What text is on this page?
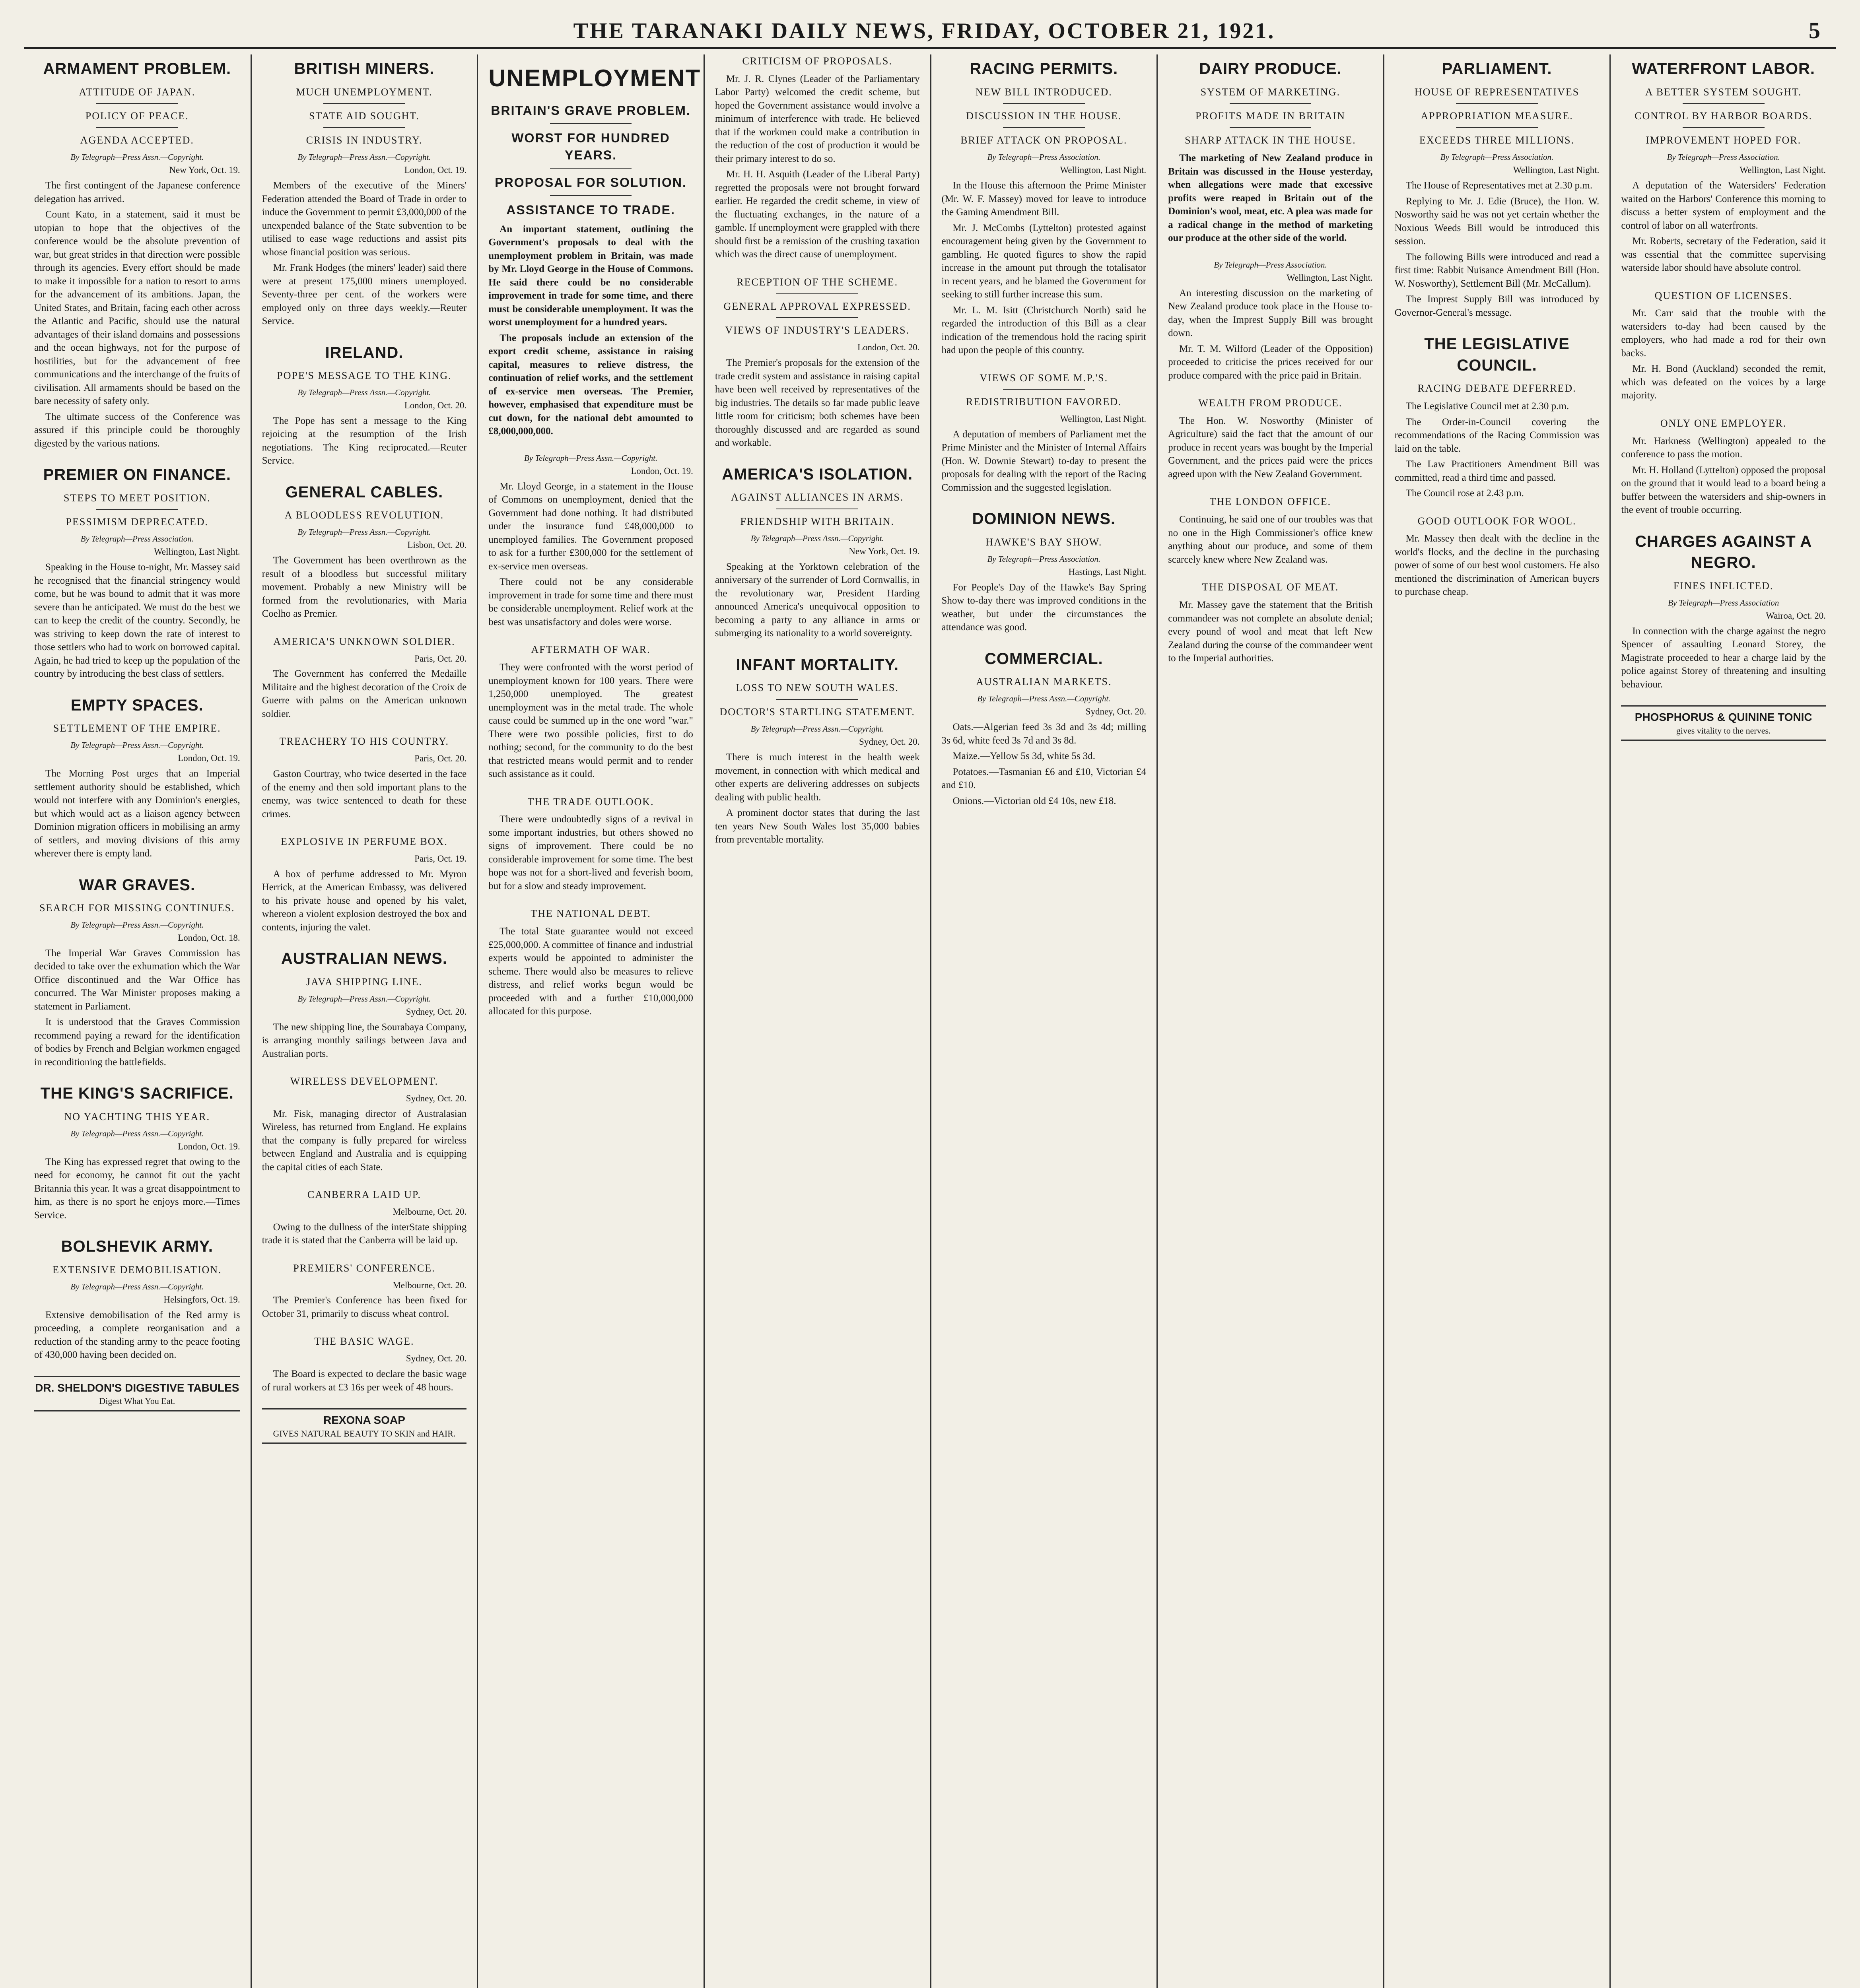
THE TARANAKI DAILY NEWS, FRIDAY, OCTOBER 21, 1921.	5
ARMAMENT PROBLEM.
ATTITUDE OF JAPAN.
POLICY OF PEACE.
AGENDA ACCEPTED.
By Telegraph—Press Assn.—Copyright.
New York, Oct. 19.

The first contingent of the Japanese conference delegation has arrived.

Count Kato, in a statement, said it must be utopian to hope that the objectives of the conference would be the absolute prevention of war, but great strides in that direction were possible through its agencies. Every effort should be made to make it impossible for a nation to resort to arms for the advancement of its ambitions. Japan, the United States, and Britain, facing each other across the Atlantic and Pacific, should use the natural advantages of their island domains and possessions and the ocean highways, not for the purpose of hostilities, but for the advancement of free communications and the interchange of the fruits of civilisation. All armaments should be based on the bare necessity of safety only.

The ultimate success of the Conference was assured if this principle could be thoroughly digested by the various nations.

PREMIER ON FINANCE.
STEPS TO MEET POSITION.
PESSIMISM DEPRECATED.
By Telegraph—Press Association.
Wellington, Last Night.

Speaking in the House to-night, Mr. Massey said he recognised that the financial stringency would come, but he was bound to admit that it was more severe than he anticipated. We must do the best we can to keep the credit of the country. Secondly, he was striving to keep down the rate of interest to those settlers who had to work on borrowed capital. Again, he had tried to keep up the population of the country by introducing the best class of settlers.

EMPTY SPACES.
SETTLEMENT OF THE EMPIRE.
By Telegraph—Press Assn.—Copyright.
London, Oct. 19.

The Morning Post urges that an Imperial settlement authority should be established, which would not interfere with any Dominion's energies, but which would act as a liaison agency between Dominion migration officers in mobilising an army of settlers, and moving divisions of this army wherever there is empty land.

WAR GRAVES.
SEARCH FOR MISSING CONTINUES.
By Telegraph—Press Assn.—Copyright.
London, Oct. 18.

The Imperial War Graves Commission has decided to take over the exhumation which the War Office discontinued and the War Office has concurred. The War Minister proposes making a statement in Parliament.

It is understood that the Graves Commission recommend paying a reward for the identification of bodies by French and Belgian workmen engaged in reconditioning the battlefields.

THE KING'S SACRIFICE.
NO YACHTING THIS YEAR.
By Telegraph—Press Assn.—Copyright.
London, Oct. 19.

The King has expressed regret that owing to the need for economy, he cannot fit out the yacht Britannia this year. It was a great disappointment to him, as there is no sport he enjoys more.—Times Service.

BOLSHEVIK ARMY.
EXTENSIVE DEMOBILISATION.
By Telegraph—Press Assn.—Copyright.
Helsingfors, Oct. 19.

Extensive demobilisation of the Red army is proceeding, a complete reorganisation and a reduction of the standing army to the peace footing of 430,000 having been decided on.

DR. SHELDON'S DIGESTIVE TABULES
Digest What You Eat.
BRITISH MINERS.
MUCH UNEMPLOYMENT.
STATE AID SOUGHT.
CRISIS IN INDUSTRY.
By Telegraph—Press Assn.—Copyright.
London, Oct. 19.

Members of the executive of the Miners' Federation attended the Board of Trade in order to induce the Government to permit £3,000,000 of the unexpended balance of the State subvention to be utilised to ease wage reductions and assist pits whose financial position was serious.

Mr. Frank Hodges (the miners' leader) said there were at present 175,000 miners unemployed. Seventy-three per cent. of the workers were employed only on three days weekly.—Reuter Service.

IRELAND.
POPE'S MESSAGE TO THE KING.
By Telegraph—Press Assn.—Copyright.
London, Oct. 20.

The Pope has sent a message to the King rejoicing at the resumption of the Irish negotiations. The King reciprocated.—Reuter Service.

GENERAL CABLES.
A BLOODLESS REVOLUTION.
By Telegraph—Press Assn.—Copyright.
Lisbon, Oct. 20.

The Government has been overthrown as the result of a bloodless but successful military movement. Probably a new Ministry will be formed from the revolutionaries, with Maria Coelho as Premier.

AMERICA'S UNKNOWN SOLDIER.
Paris, Oct. 20.

The Government has conferred the Medaille Militaire and the highest decoration of the Croix de Guerre with palms on the American unknown soldier.

TREACHERY TO HIS COUNTRY.
Paris, Oct. 20.

Gaston Courtray, who twice deserted in the face of the enemy and then sold important plans to the enemy, was twice sentenced to death for these crimes.

EXPLOSIVE IN PERFUME BOX.
Paris, Oct. 19.

A box of perfume addressed to Mr. Myron Herrick, at the American Embassy, was delivered to his private house and opened by his valet, whereon a violent explosion destroyed the box and contents, injuring the valet.

AUSTRALIAN NEWS.
JAVA SHIPPING LINE.
By Telegraph—Press Assn.—Copyright.
Sydney, Oct. 20.

The new shipping line, the Sourabaya Company, is arranging monthly sailings between Java and Australian ports.

WIRELESS DEVELOPMENT.
Sydney, Oct. 20.

Mr. Fisk, managing director of Australasian Wireless, has returned from England. He explains that the company is fully prepared for wireless between England and Australia and is equipping the capital cities of each State.

CANBERRA LAID UP.
Melbourne, Oct. 20.

Owing to the dullness of the interState shipping trade it is stated that the Canberra will be laid up.

PREMIERS' CONFERENCE.
Melbourne, Oct. 20.

The Premier's Conference has been fixed for October 31, primarily to discuss wheat control.

THE BASIC WAGE.
Sydney, Oct. 20.

The Board is expected to declare the basic wage of rural workers at £3 16s per week of 48 hours.

REXONA SOAP
GIVES NATURAL BEAUTY TO SKIN and HAIR.
UNEMPLOYMENT
BRITAIN'S GRAVE PROBLEM.
WORST FOR HUNDRED YEARS.
PROPOSAL FOR SOLUTION.
ASSISTANCE TO TRADE.

An important statement, outlining the Government's proposals to deal with the unemployment problem in Britain, was made by Mr. Lloyd George in the House of Commons. He said there could be no considerable improvement in trade for some time, and there must be considerable unemployment. It was the worst unemployment for a hundred years.

The proposals include an extension of the export credit scheme, assistance in raising capital, measures to relieve distress, the continuation of relief works, and the settlement of ex-service men overseas. The Premier, however, emphasised that expenditure must be cut down, for the national debt amounted to £8,000,000,000.

By Telegraph—Press Assn.—Copyright.
London, Oct. 19.

Mr. Lloyd George, in a statement in the House of Commons on unemployment, denied that the Government had done nothing. It had distributed under the insurance fund £48,000,000 to unemployed families. The Government proposed to ask for a further £300,000 for the settlement of ex-service men overseas.

There could not be any considerable improvement in trade for some time and there must be considerable unemployment. Relief work at the best was unsatisfactory and doles were worse.

AFTERMATH OF WAR.

They were confronted with the worst period of unemployment known for 100 years. There were 1,250,000 unemployed. The greatest unemployment was in the metal trade. The whole cause could be summed up in the one word "war." There were two possible policies, first to do nothing; second, for the community to do the best that restricted means would permit and to render such assistance as it could.

THE TRADE OUTLOOK.

There were undoubtedly signs of a revival in some important industries, but others showed no signs of improvement. There could be no considerable improvement for some time. The best hope was not for a short-lived and feverish boom, but for a slow and steady improvement.

THE NATIONAL DEBT.

The total State guarantee would not exceed £25,000,000. A committee of finance and industrial experts would be appointed to administer the scheme. There would also be measures to relieve distress, and relief works begun would be proceeded with and a further £10,000,000 allocated for this purpose.

CRITICISM OF PROPOSALS.

Mr. J. R. Clynes (Leader of the Parliamentary Labor Party) welcomed the credit scheme, but hoped the Government assistance would involve a minimum of interference with trade. He believed that if the workmen could make a contribution in the reduction of the cost of production it would be their primary interest to do so.

Mr. H. H. Asquith (Leader of the Liberal Party) regretted the proposals were not brought forward earlier. He regarded the credit scheme, in view of the fluctuating exchanges, in the nature of a gamble. If unemployment were grappled with there should first be a remission of the crushing taxation which was the direct cause of unemployment.

RECEPTION OF THE SCHEME.
GENERAL APPROVAL EXPRESSED.
VIEWS OF INDUSTRY'S LEADERS.
London, Oct. 20.

The Premier's proposals for the extension of the trade credit system and assistance in raising capital have been well received by representatives of the big industries. The details so far made public leave little room for criticism; both schemes have been thoroughly discussed and are regarded as sound and workable.

AMERICA'S ISOLATION.
AGAINST ALLIANCES IN ARMS.
FRIENDSHIP WITH BRITAIN.
By Telegraph—Press Assn.—Copyright.
New York, Oct. 19.

Speaking at the Yorktown celebration of the anniversary of the surrender of Lord Cornwallis, in the revolutionary war, President Harding announced America's unequivocal opposition to becoming a party to any alliance in arms or submerging its nationality to a world sovereignty.

INFANT MORTALITY.
LOSS TO NEW SOUTH WALES.
DOCTOR'S STARTLING STATEMENT.
By Telegraph—Press Assn.—Copyright.
Sydney, Oct. 20.

There is much interest in the health week movement, in connection with which medical and other experts are delivering addresses on subjects dealing with public health.

A prominent doctor states that during the last ten years New South Wales lost 35,000 babies from preventable mortality.

RACING PERMITS.
NEW BILL INTRODUCED.
DISCUSSION IN THE HOUSE.
BRIEF ATTACK ON PROPOSAL.
By Telegraph—Press Association.
Wellington, Last Night.

In the House this afternoon the Prime Minister (Mr. W. F. Massey) moved for leave to introduce the Gaming Amendment Bill.

Mr. J. McCombs (Lyttelton) protested against encouragement being given by the Government to gambling. He quoted figures to show the rapid increase in the amount put through the totalisator in recent years, and he blamed the Government for seeking to still further increase this sum.

Mr. L. M. Isitt (Christchurch North) said he regarded the introduction of this Bill as a clear indication of the tremendous hold the racing spirit had upon the people of this country.

VIEWS OF SOME M.P.'S.
REDISTRIBUTION FAVORED.
Wellington, Last Night.

A deputation of members of Parliament met the Prime Minister and the Minister of Internal Affairs (Hon. W. Downie Stewart) to-day to present the proposals for dealing with the report of the Racing Commission and the suggested legislation.

DOMINION NEWS.
HAWKE'S BAY SHOW.
By Telegraph—Press Association.
Hastings, Last Night.

For People's Day of the Hawke's Bay Spring Show to-day there was improved conditions in the weather, but under the circumstances the attendance was good.

COMMERCIAL.
AUSTRALIAN MARKETS.
By Telegraph—Press Assn.—Copyright.
Sydney, Oct. 20.

Oats.—Algerian feed 3s 3d and 3s 4d; milling 3s 6d, white feed 3s 7d and 3s 8d.

Maize.—Yellow 5s 3d, white 5s 3d.

Potatoes.—Tasmanian £6 and £10, Victorian £4 and £10.

Onions.—Victorian old £4 10s, new £18.

DAIRY PRODUCE.
SYSTEM OF MARKETING.
PROFITS MADE IN BRITAIN
SHARP ATTACK IN THE HOUSE.

The marketing of New Zealand produce in Britain was discussed in the House yesterday, when allegations were made that excessive profits were reaped in Britain out of the Dominion's wool, meat, etc. A plea was made for a radical change in the method of marketing our produce at the other side of the world.

By Telegraph—Press Association.
Wellington, Last Night.

An interesting discussion on the marketing of New Zealand produce took place in the House to-day, when the Imprest Supply Bill was brought down.

Mr. T. M. Wilford (Leader of the Opposition) proceeded to criticise the prices received for our produce compared with the price paid in Britain.

WEALTH FROM PRODUCE.

The Hon. W. Nosworthy (Minister of Agriculture) said the fact that the amount of our produce in recent years was bought by the Imperial Government, and the prices paid were the prices agreed upon with the New Zealand Government.

THE LONDON OFFICE.

Continuing, he said one of our troubles was that no one in the High Commissioner's office knew anything about our produce, and some of them scarcely knew where New Zealand was.

THE DISPOSAL OF MEAT.

Mr. Massey gave the statement that the British commandeer was not complete an absolute denial; every pound of wool and meat that left New Zealand during the course of the commandeer went to the Imperial authorities.

PARLIAMENT.
HOUSE OF REPRESENTATIVES
APPROPRIATION MEASURE.
EXCEEDS THREE MILLIONS.
By Telegraph—Press Association.
Wellington, Last Night.

The House of Representatives met at 2.30 p.m.

Replying to Mr. J. Edie (Bruce), the Hon. W. Nosworthy said he was not yet certain whether the Noxious Weeds Bill would be introduced this session.

The following Bills were introduced and read a first time: Rabbit Nuisance Amendment Bill (Hon. W. Nosworthy), Settlement Bill (Mr. McCallum).

The Imprest Supply Bill was introduced by Governor-General's message.

THE LEGISLATIVE COUNCIL.
RACING DEBATE DEFERRED.

The Legislative Council met at 2.30 p.m.

The Order-in-Council covering the recommendations of the Racing Commission was laid on the table.

The Law Practitioners Amendment Bill was committed, read a third time and passed.

The Council rose at 2.43 p.m.

GOOD OUTLOOK FOR WOOL.

Mr. Massey then dealt with the decline in the world's flocks, and the decline in the purchasing power of some of our best wool customers. He also mentioned the discrimination of American buyers to purchase cheap.

WATERFRONT LABOR.
A BETTER SYSTEM SOUGHT.
CONTROL BY HARBOR BOARDS.
IMPROVEMENT HOPED FOR.
By Telegraph—Press Association.
Wellington, Last Night.

A deputation of the Watersiders' Federation waited on the Harbors' Conference this morning to discuss a better system of employment and the control of labor on all waterfronts.

Mr. Roberts, secretary of the Federation, said it was essential that the committee supervising waterside labor should have absolute control.

QUESTION OF LICENSES.

Mr. Carr said that the trouble with the watersiders to-day had been caused by the employers, who had made a rod for their own backs.

Mr. H. Bond (Auckland) seconded the remit, which was defeated on the voices by a large majority.

ONLY ONE EMPLOYER.

Mr. Harkness (Wellington) appealed to the conference to pass the motion.

Mr. H. Holland (Lyttelton) opposed the proposal on the ground that it would lead to a board being a buffer between the watersiders and ship-owners in the event of trouble occurring.

CHARGES AGAINST A NEGRO.
FINES INFLICTED.
By Telegraph—Press Association
Wairoa, Oct. 20.

In connection with the charge against the negro Spencer of assaulting Leonard Storey, the Magistrate proceeded to hear a charge laid by the police against Storey of threatening and insulting behaviour.

PHOSPHORUS & QUININE TONIC
gives vitality to the nerves.
